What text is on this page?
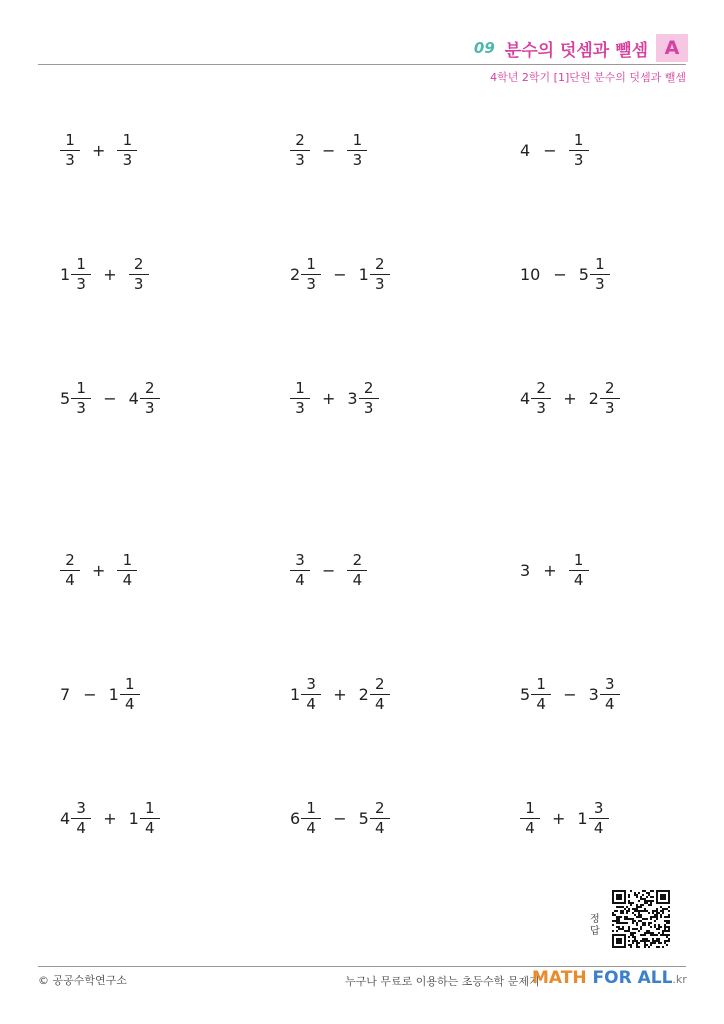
09 분수의 덧셈과 뺄셈 A
4학년 2학기 [1]단원 분수의 덧셈과 뺄셈
$\frac{1}{3} + \frac{1}{3}$	$\frac{2}{3} - \frac{1}{3}$	$4 - \frac{1}{3}$
$1 \frac{1}{3} + \frac{2}{3}$	$2 \frac{1}{3} - 1 \frac{2}{3}$	$10 - 5 \frac{1}{3}$
$5 \frac{1}{3} - 4 \frac{2}{3}$	$\frac{1}{3} + 3 \frac{2}{3}$	$4 \frac{2}{3} + 2 \frac{2}{3}$
$\frac{2}{4} + \frac{1}{4}$	$\frac{3}{4} - \frac{2}{4}$	$3 + \frac{1}{4}$
$7 - 1 \frac{1}{4}$	$1 \frac{3}{4} + 2 \frac{2}{4}$	$5 \frac{1}{4} - 3 \frac{3}{4}$
$4 \frac{3}{4} + 1 \frac{1}{4}$	$6 \frac{1}{4} - 5 \frac{2}{4}$	$\frac{1}{4} + 1 \frac{3}{4}$
정답
© 공공수학연구소	누구나 무료로 이용하는 초등수학 문제지
MATH FOR ALL.kr
